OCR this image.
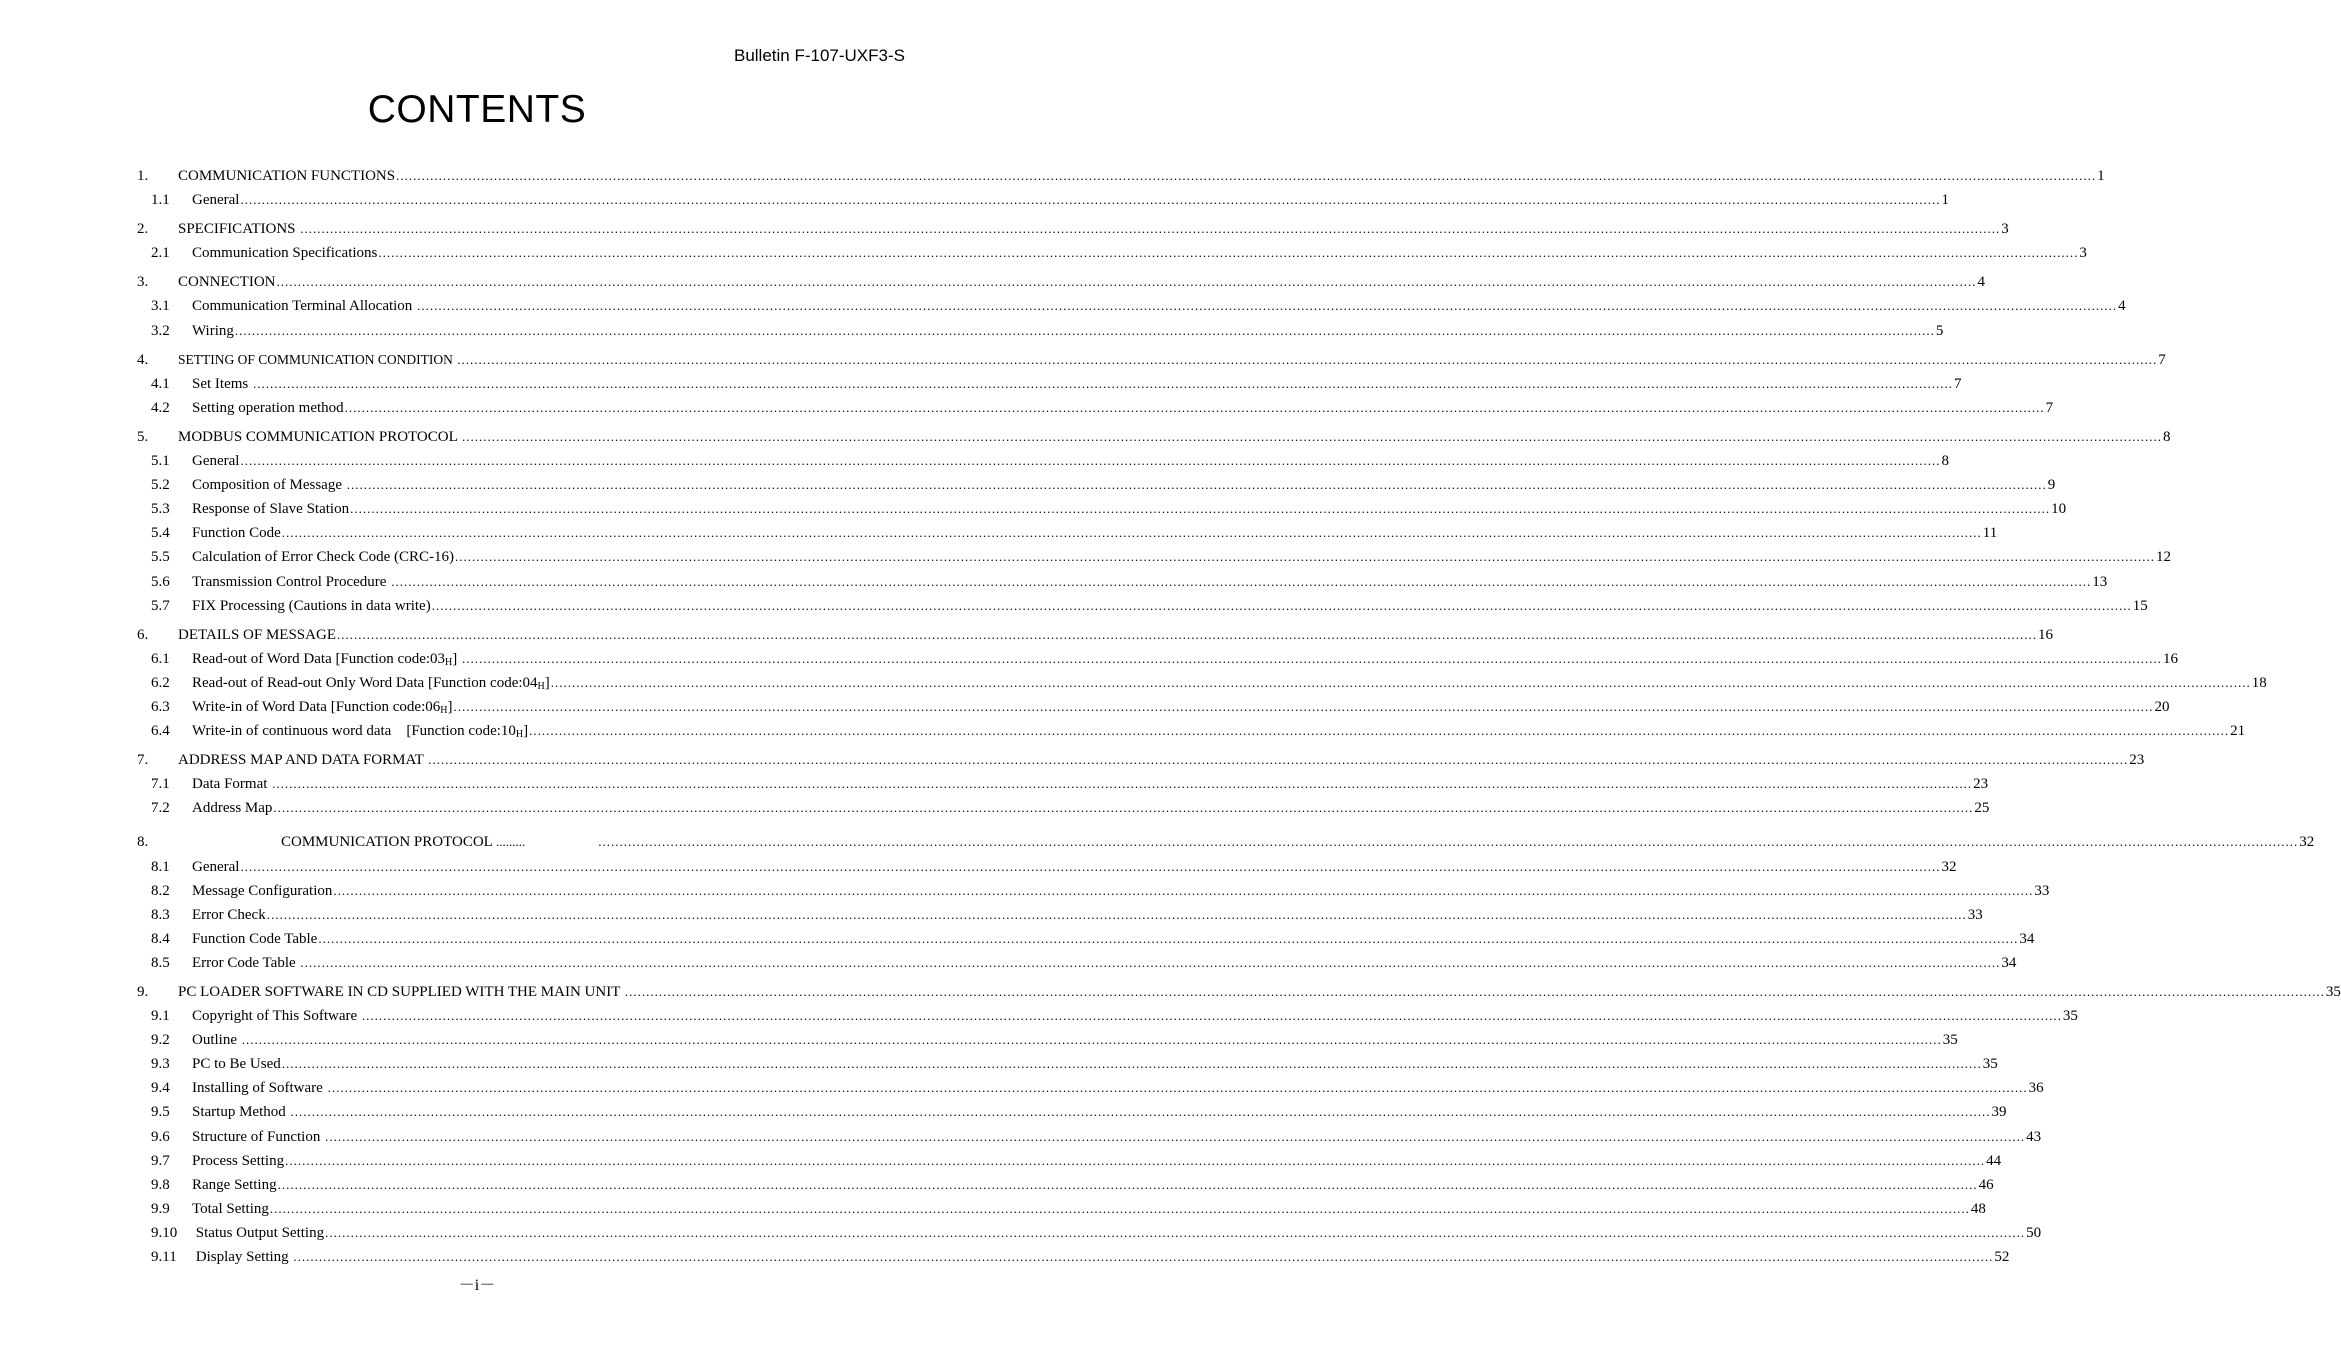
Bulletin F-107-UXF3-S
CONTENTS
1. COMMUNICATION FUNCTIONS ................................................................................................................................................................................................................................................................................................................................................................................................................ 1
1.1 General ................................................................................................................................................................................................................................................................................................................................................................................................................ 1
2. SPECIFICATIONS ................................................................................................................................................................................................................................................................................................................................................................................................................ 3
2.1 Communication Specifications ................................................................................................................................................................................................................................................................................................................................................................................................................ 3
3. CONNECTION ................................................................................................................................................................................................................................................................................................................................................................................................................ 4
3.1 Communication Terminal Allocation ................................................................................................................................................................................................................................................................................................................................................................................................................ 4
3.2 Wiring ................................................................................................................................................................................................................................................................................................................................................................................................................ 5
4. SETTING OF COMMUNICATION CONDITION ................................................................................................................................................................................................................................................................................................................................................................................................................ 7
4.1 Set Items ................................................................................................................................................................................................................................................................................................................................................................................................................ 7
4.2 Setting operation method ................................................................................................................................................................................................................................................................................................................................................................................................................ 7
5. MODBUS COMMUNICATION PROTOCOL ................................................................................................................................................................................................................................................................................................................................................................................................................ 8
5.1 General ................................................................................................................................................................................................................................................................................................................................................................................................................ 8
5.2 Composition of Message ................................................................................................................................................................................................................................................................................................................................................................................................................ 9
5.3 Response of Slave Station ................................................................................................................................................................................................................................................................................................................................................................................................................ 10
5.4 Function Code ................................................................................................................................................................................................................................................................................................................................................................................................................ 11
5.5 Calculation of Error Check Code (CRC-16) ................................................................................................................................................................................................................................................................................................................................................................................................................ 12
5.6 Transmission Control Procedure ................................................................................................................................................................................................................................................................................................................................................................................................................ 13
5.7 FIX Processing (Cautions in data write) ................................................................................................................................................................................................................................................................................................................................................................................................................ 15
6. DETAILS OF MESSAGE ................................................................................................................................................................................................................................................................................................................................................................................................................ 16
6.1 Read-out of Word Data [Function $code:03_H$] ................................................................................................................................................................................................................................................................................................................................................................................................................ 16
6.2 Read-out of Read-out Only Word Data [Function $code:04_H$] ................................................................................................................................................................................................................................................................................................................................................................................................................ 18
6.3 Write-in of Word Data [Function $code:06_H$] ................................................................................................................................................................................................................................................................................................................................................................................................................ 20
6.4 Write-in of continuous word data    [Function $code:10_H$] ................................................................................................................................................................................................................................................................................................................................................................................................................ 21
7. ADDRESS MAP AND DATA FORMAT ................................................................................................................................................................................................................................................................................................................................................................................................................ 23
7.1 Data Format ................................................................................................................................................................................................................................................................................................................................................................................................................ 23
7.2 Address Map ................................................................................................................................................................................................................................................................................................................................................................................................................ 25
8.	COMMUNICATION PROTOCOL .........	................................................................................................................................................................................................................................................................................................................................................................................................................ 32
8.1 General ................................................................................................................................................................................................................................................................................................................................................................................................................ 32
8.2 Message Configuration ................................................................................................................................................................................................................................................................................................................................................................................................................ 33
8.3 Error Check ................................................................................................................................................................................................................................................................................................................................................................................................................ 33
8.4 Function Code Table ................................................................................................................................................................................................................................................................................................................................................................................................................ 34
8.5 Error Code Table ................................................................................................................................................................................................................................................................................................................................................................................................................ 34
9. PC LOADER SOFTWARE IN CD SUPPLIED WITH THE MAIN UNIT ................................................................................................................................................................................................................................................................................................................................................................................................................ 35
9.1 Copyright of This Software ................................................................................................................................................................................................................................................................................................................................................................................................................ 35
9.2 Outline ................................................................................................................................................................................................................................................................................................................................................................................................................ 35
9.3 PC to Be Used ................................................................................................................................................................................................................................................................................................................................................................................................................ 35
9.4 Installing of Software ................................................................................................................................................................................................................................................................................................................................................................................................................ 36
9.5 Startup Method ................................................................................................................................................................................................................................................................................................................................................................................................................ 39
9.6 Structure of Function ................................................................................................................................................................................................................................................................................................................................................................................................................ 43
9.7 Process Setting ................................................................................................................................................................................................................................................................................................................................................................................................................ 44
9.8 Range Setting ................................................................................................................................................................................................................................................................................................................................................................................................................ 46
9.9 Total Setting ................................................................................................................................................................................................................................................................................................................................................................................................................ 48
9.10 Status Output Setting ................................................................................................................................................................................................................................................................................................................................................................................................................ 50
9.11 Display Setting ................................................................................................................................................................................................................................................................................................................................................................................................................ 52
－i－
